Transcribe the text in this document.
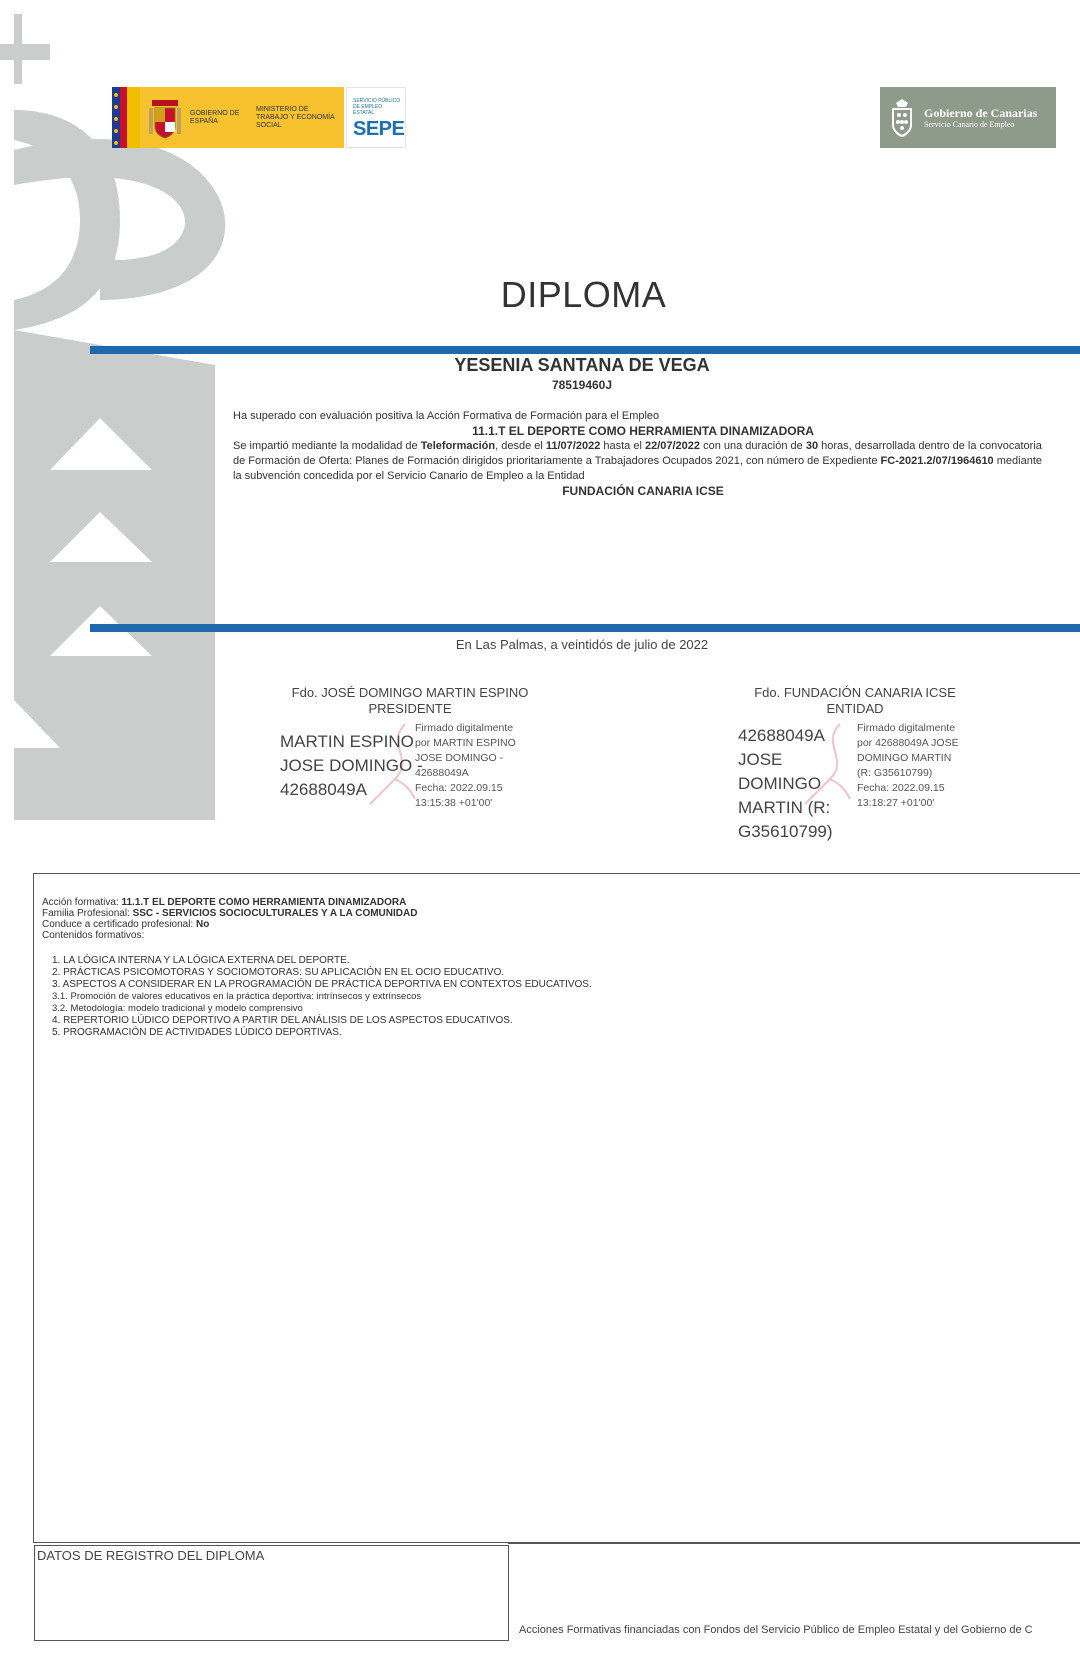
GOBIERNO DE ESPAÑA
MINISTERIO DE TRABAJO Y ECONOMÍA SOCIAL
SERVICIO PÚBLICO DE EMPLEO ESTATAL
SEPE
Gobierno de Canarias
Servicio Canario de Empleo
DIPLOMA
YESENIA SANTANA DE VEGA
78519460J
Ha superado con evaluación positiva la Acción Formativa de Formación para el Empleo
11.1.T EL DEPORTE COMO HERRAMIENTA DINAMIZADORA
Se impartió mediante la modalidad de Teleformación, desde el 11/07/2022 hasta el 22/07/2022 con una duración de 30 horas, desarrollada dentro de la convocatoria de Formación de Oferta: Planes de Formación dirigidos prioritariamente a Trabajadores Ocupados 2021, con número de Expediente FC-2021.2/07/1964610 mediante la subvención concedida por el Servicio Canario de Empleo a la Entidad
FUNDACIÓN CANARIA ICSE
En Las Palmas, a veintidós de julio de 2022
Fdo. JOSÉ DOMINGO MARTIN ESPINO
PRESIDENTE
MARTIN ESPINO JOSE DOMINGO - 42688049A
Firmado digitalmente
por MARTIN ESPINO
JOSE DOMINGO -
42688049A
Fecha: 2022.09.15
13:15:38 +01'00'
Fdo. FUNDACIÓN CANARIA ICSE
ENTIDAD
42688049A JOSE DOMINGO MARTIN (R: G35610799)
Firmado digitalmente
por 42688049A JOSE
DOMINGO MARTIN
(R: G35610799)
Fecha: 2022.09.15
13:18:27 +01'00'
Acción formativa: 11.1.T EL DEPORTE COMO HERRAMIENTA DINAMIZADORA
Familia Profesional: SSC - SERVICIOS SOCIOCULTURALES Y A LA COMUNIDAD
Conduce a certificado profesional: No
Contenidos formativos:
1. LA LÓGICA INTERNA Y LA LÓGICA EXTERNA DEL DEPORTE.
2. PRÁCTICAS PSICOMOTORAS Y SOCIOMOTORAS: SU APLICACIÓN EN EL OCIO EDUCATIVO.
3. ASPECTOS A CONSIDERAR EN LA PROGRAMACIÓN DE PRÁCTICA DEPORTIVA EN CONTEXTOS EDUCATIVOS.
3.1. Promoción de valores educativos en la práctica deportiva: intrínsecos y extrínsecos
3.2. Metodología: modelo tradicional y modelo comprensivo
4. REPERTORIO LÚDICO DEPORTIVO A PARTIR DEL ANÁLISIS DE LOS ASPECTOS EDUCATIVOS.
5. PROGRAMACIÓN DE ACTIVIDADES LÚDICO DEPORTIVAS.
DATOS DE REGISTRO DEL DIPLOMA
Acciones Formativas financiadas con Fondos del Servicio Público de Empleo Estatal y del Gobierno de C
